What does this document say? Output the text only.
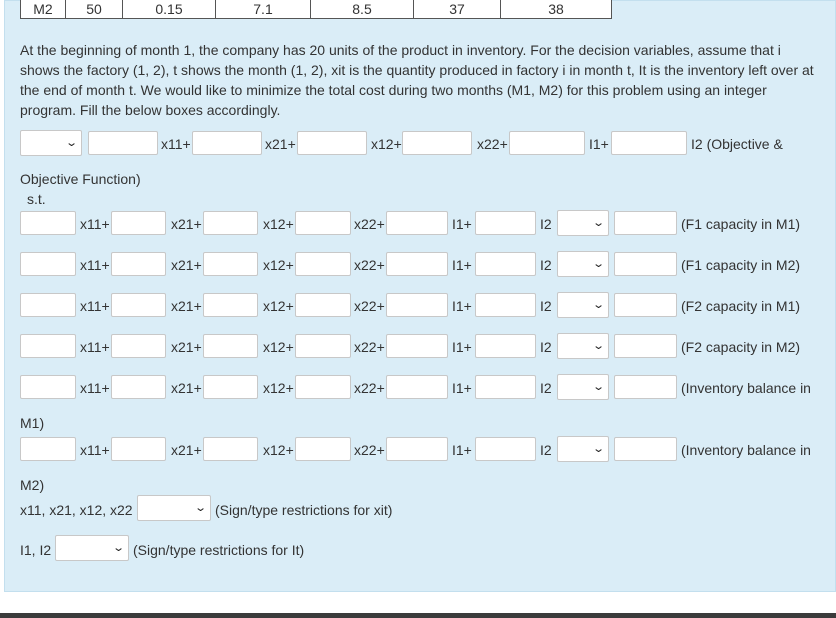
M2	50	0.15	7.1	8.5	37	38
At the beginning of month 1, the company has 20 units of the product in inventory. For the decision variables, assume that i shows the factory (1, 2), t shows the month (1, 2), xit is the quantity produced in factory i in month t, It is the inventory left over at the end of month t. We would like to minimize the total cost during two months (M1, M2) for this problem using an integer program. Fill the below boxes accordingly.
⌄	x11+	x21+	x12+	x22+	I1+	I2 (Objective &
Objective Function)
s.t.
x11+	x21+	x12+	x22+	I1+	I2	⌄	(F1 capacity in M1)
x11+	x21+	x12+	x22+	I1+	I2	⌄	(F1 capacity in M2)
x11+	x21+	x12+	x22+	I1+	I2	⌄	(F2 capacity in M1)
x11+	x21+	x12+	x22+	I1+	I2	⌄	(F2 capacity in M2)
x11+	x21+	x12+	x22+	I1+	I2	⌄	(Inventory balance in
M1)
x11+	x21+	x12+	x22+	I1+	I2	⌄	(Inventory balance in
M2)
x11, x21, x12, x22	⌄ (Sign/type restrictions for xit)
I1, I2	⌄ (Sign/type restrictions for It)
